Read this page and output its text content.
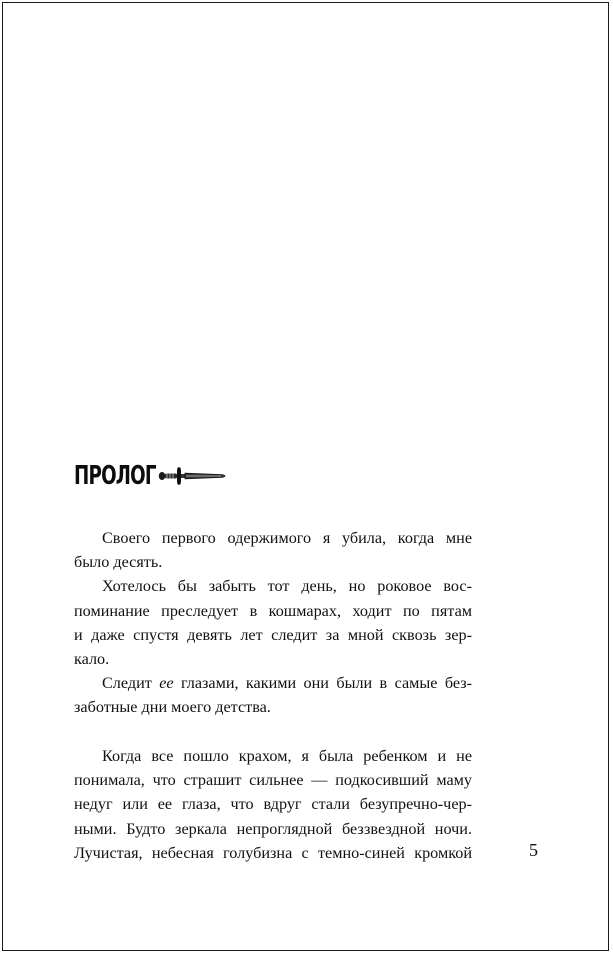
ПРОЛОГ
Своего первого одержимого я убила, когда мне
было десять.
Хотелось бы забыть тот день, но роковое вос-
поминание преследует в кошмарах, ходит по пятам
и даже спустя девять лет следит за мной сквозь зер-
кало.
Следит ее глазами, какими они были в самые без-
заботные дни моего детства.
Когда все пошло крахом, я была ребенком и не
понимала, что страшит сильнее — подкосивший маму
недуг или ее глаза, что вдруг стали безупречно-чер-
ными. Будто зеркала непроглядной беззвездной ночи.
Лучистая, небесная голубизна с темно-синей кромкой	5
